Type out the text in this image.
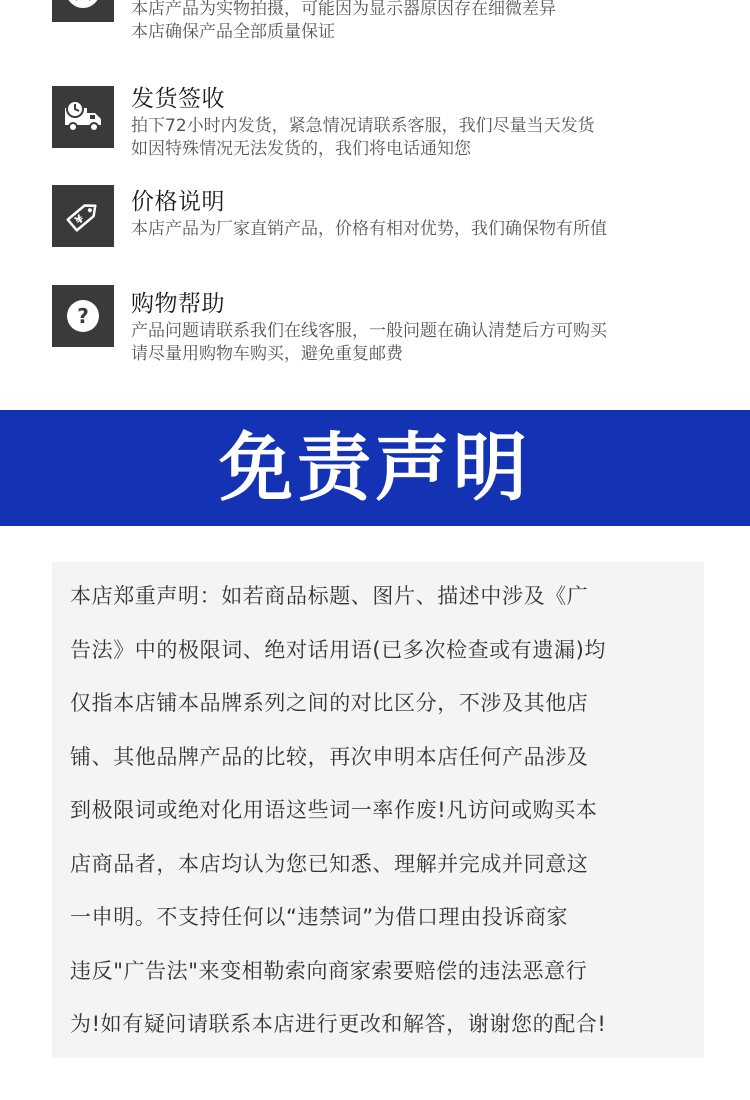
本店产品为实物拍摄，可能因为显示器原因存在细微差异

本店确保产品全部质量保证

发货签收

拍下72小时内发货，紧急情况请联系客服，我们尽量当天发货

如因特殊情况无法发货的，我们将电话通知您

¥
价格说明

本店产品为厂家直销产品，价格有相对优势，我们确保物有所值

? 购物帮助

产品问题请联系我们在线客服，一般问题在确认清楚后方可购买

请尽量用购物车购买，避免重复邮费

免责声明
本店郑重声明：如若商品标题、图片、描述中涉及《广
告法》中的极限词、绝对话用语(已多次检查或有遗漏)均
仅指本店铺本品牌系列之间的对比区分，不涉及其他店
铺、其他品牌产品的比较，再次申明本店任何产品涉及
到极限词或绝对化用语这些词一率作废!凡访问或购买本
店商品者，本店均认为您已知悉、理解并完成并同意这
一申明。不支持任何以“违禁词”为借口理由投诉商家
违反"广告法"来变相勒索向商家索要赔偿的违法恶意行
为!如有疑问请联系本店进行更改和解答，谢谢您的配合!
